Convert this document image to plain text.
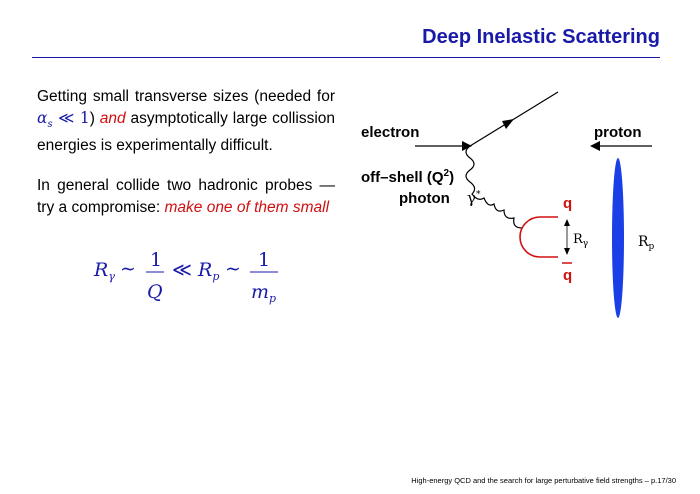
Deep Inelastic Scattering
Getting small transverse sizes (needed for $\alpha_s$ ≪ 1) and asymptotically large collission energies is experimentally difficult.
In general collide two hadronic probes — try a compromise: make one of them small
$R_\gamma$ ∼ 1
Q
≪ $R_p$ ∼ 1
$m_p$
electron	proton
off–shell $(Q^2)$
photon γ*	q
q
$R_\gamma$	$R_p$
High-energy QCD and the search for large perturbative field strengths – p.17/30
